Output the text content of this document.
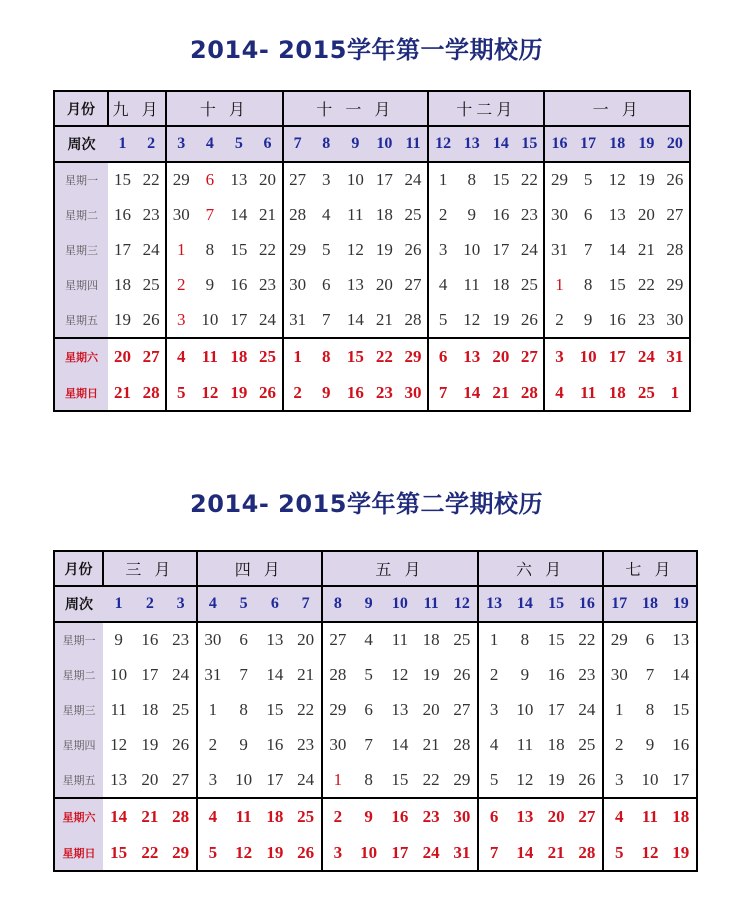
2014- 2015学年第一学期校历
月份	九 月		十 月				十 一 月					十二月				一 月				
周次	1	2	3	4	5	6	7	8	9	10	11	12	13	14	15	16	17	18	19	20
星期一	15	22	29	6	13	20	27	3	10	17	24	1	8	15	22	29	5	12	19	26
星期二	16	23	30	7	14	21	28	4	11	18	25	2	9	16	23	30	6	13	20	27
星期三	17	24	1	8	15	22	29	5	12	19	26	3	10	17	24	31	7	14	21	28
星期四	18	25	2	9	16	23	30	6	13	20	27	4	11	18	25	1	8	15	22	29
星期五	19	26	3	10	17	24	31	7	14	21	28	5	12	19	26	2	9	16	23	30
星期六	20	27	4	11	18	25	1	8	15	22	29	6	13	20	27	3	10	17	24	31
星期日	21	28	5	12	19	26	2	9	16	23	30	7	14	21	28	4	11	18	25	1
2014- 2015学年第二学期校历
月份	三 月			四 月				五 月					六 月				七 月		
周次	1	2	3	4	5	6	7	8	9	10	11	12	13	14	15	16	17	18	19
星期一	9	16	23	30	6	13	20	27	4	11	18	25	1	8	15	22	29	6	13
星期二	10	17	24	31	7	14	21	28	5	12	19	26	2	9	16	23	30	7	14
星期三	11	18	25	1	8	15	22	29	6	13	20	27	3	10	17	24	1	8	15
星期四	12	19	26	2	9	16	23	30	7	14	21	28	4	11	18	25	2	9	16
星期五	13	20	27	3	10	17	24	1	8	15	22	29	5	12	19	26	3	10	17
星期六	14	21	28	4	11	18	25	2	9	16	23	30	6	13	20	27	4	11	18
星期日	15	22	29	5	12	19	26	3	10	17	24	31	7	14	21	28	5	12	19
